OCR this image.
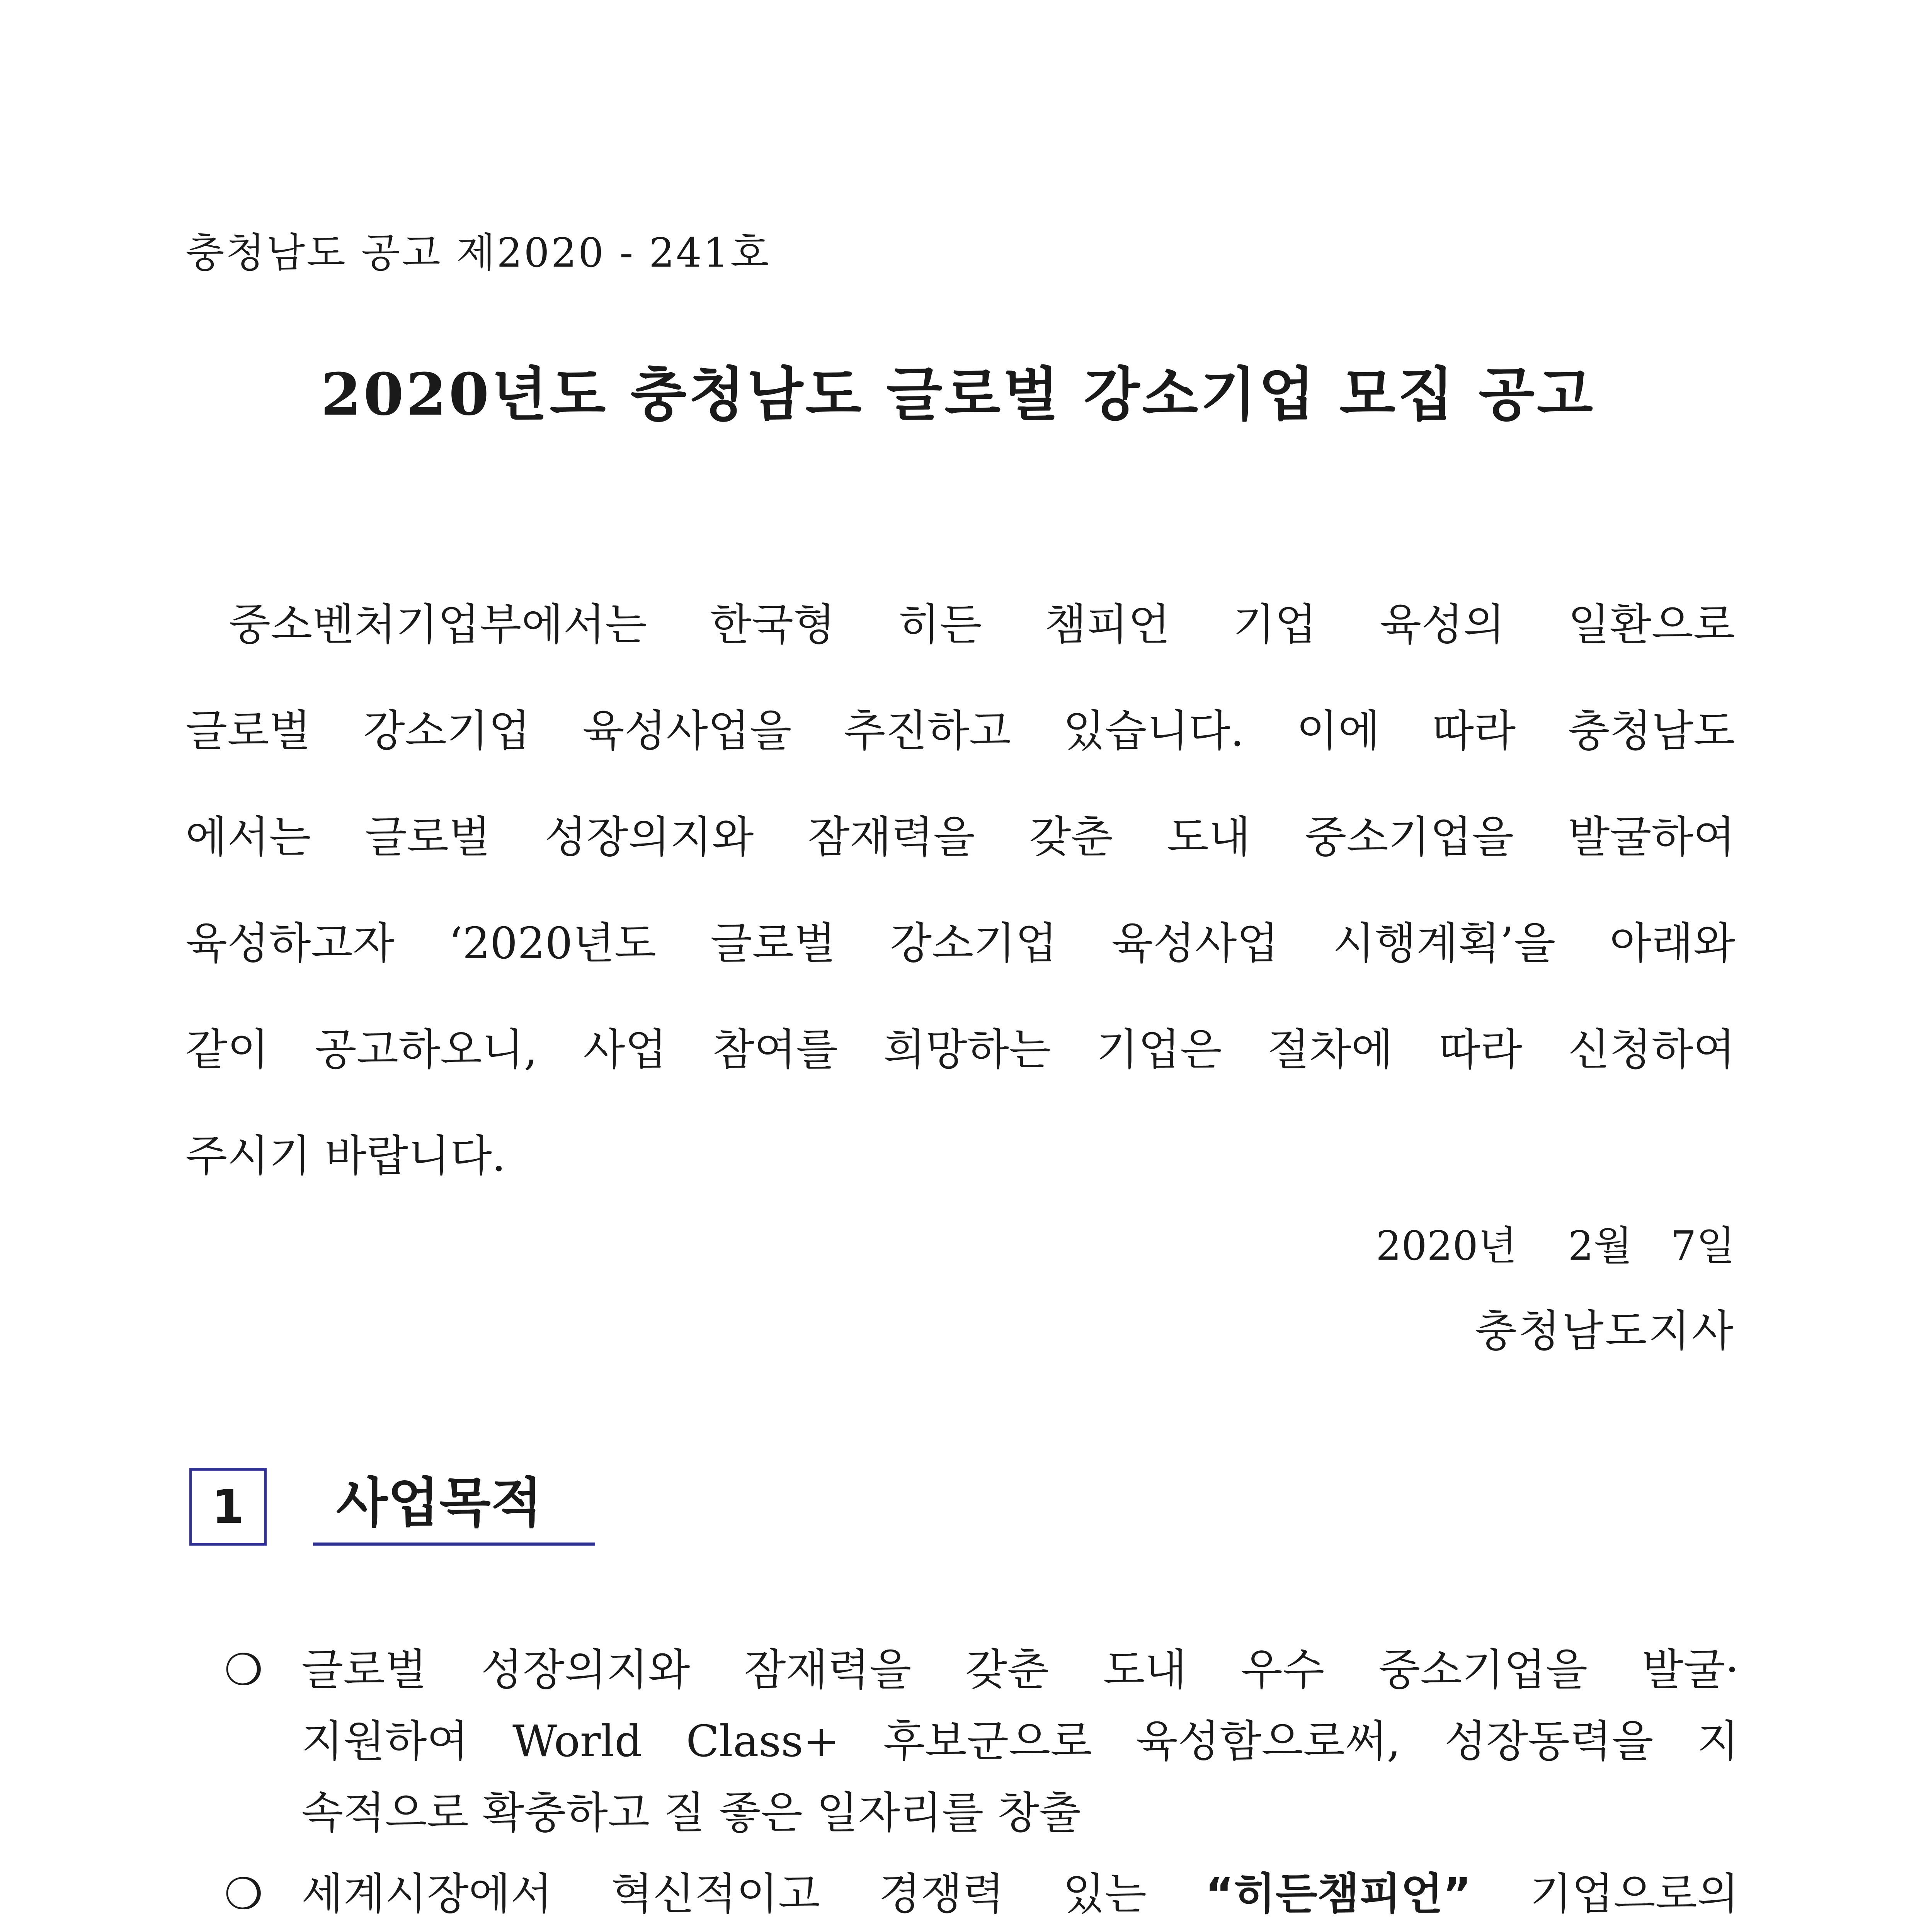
충청남도 공고 제2020 - 241호
2020년도 충청남도 글로벌 강소기업 모집 공고
중소벤처기업부에서는 한국형 히든 챔피언 기업 육성의 일환으로
글로벌 강소기업 육성사업을 추진하고 있습니다. 이에 따라 충청남도
에서는 글로벌 성장의지와 잠재력을 갖춘 도내 중소기업을 발굴하여
육성하고자 ‘2020년도 글로벌 강소기업 육성사업 시행계획’을 아래와
같이 공고하오니, 사업 참여를 희망하는 기업은 절차에 따라 신청하여
주시기 바랍니다.
2020년    2월   7일
충청남도지사
1	사업목적
❍ 글로벌 성장의지와 잠재력을 갖춘 도내 우수 중소기업을 발굴·
지원하여 World Class+ 후보군으로 육성함으로써, 성장동력을 지
속적으로 확충하고 질 좋은 일자리를 창출
❍ 세계시장에서 혁신적이고 경쟁력 있는 “히든챔피언” 기업으로의
